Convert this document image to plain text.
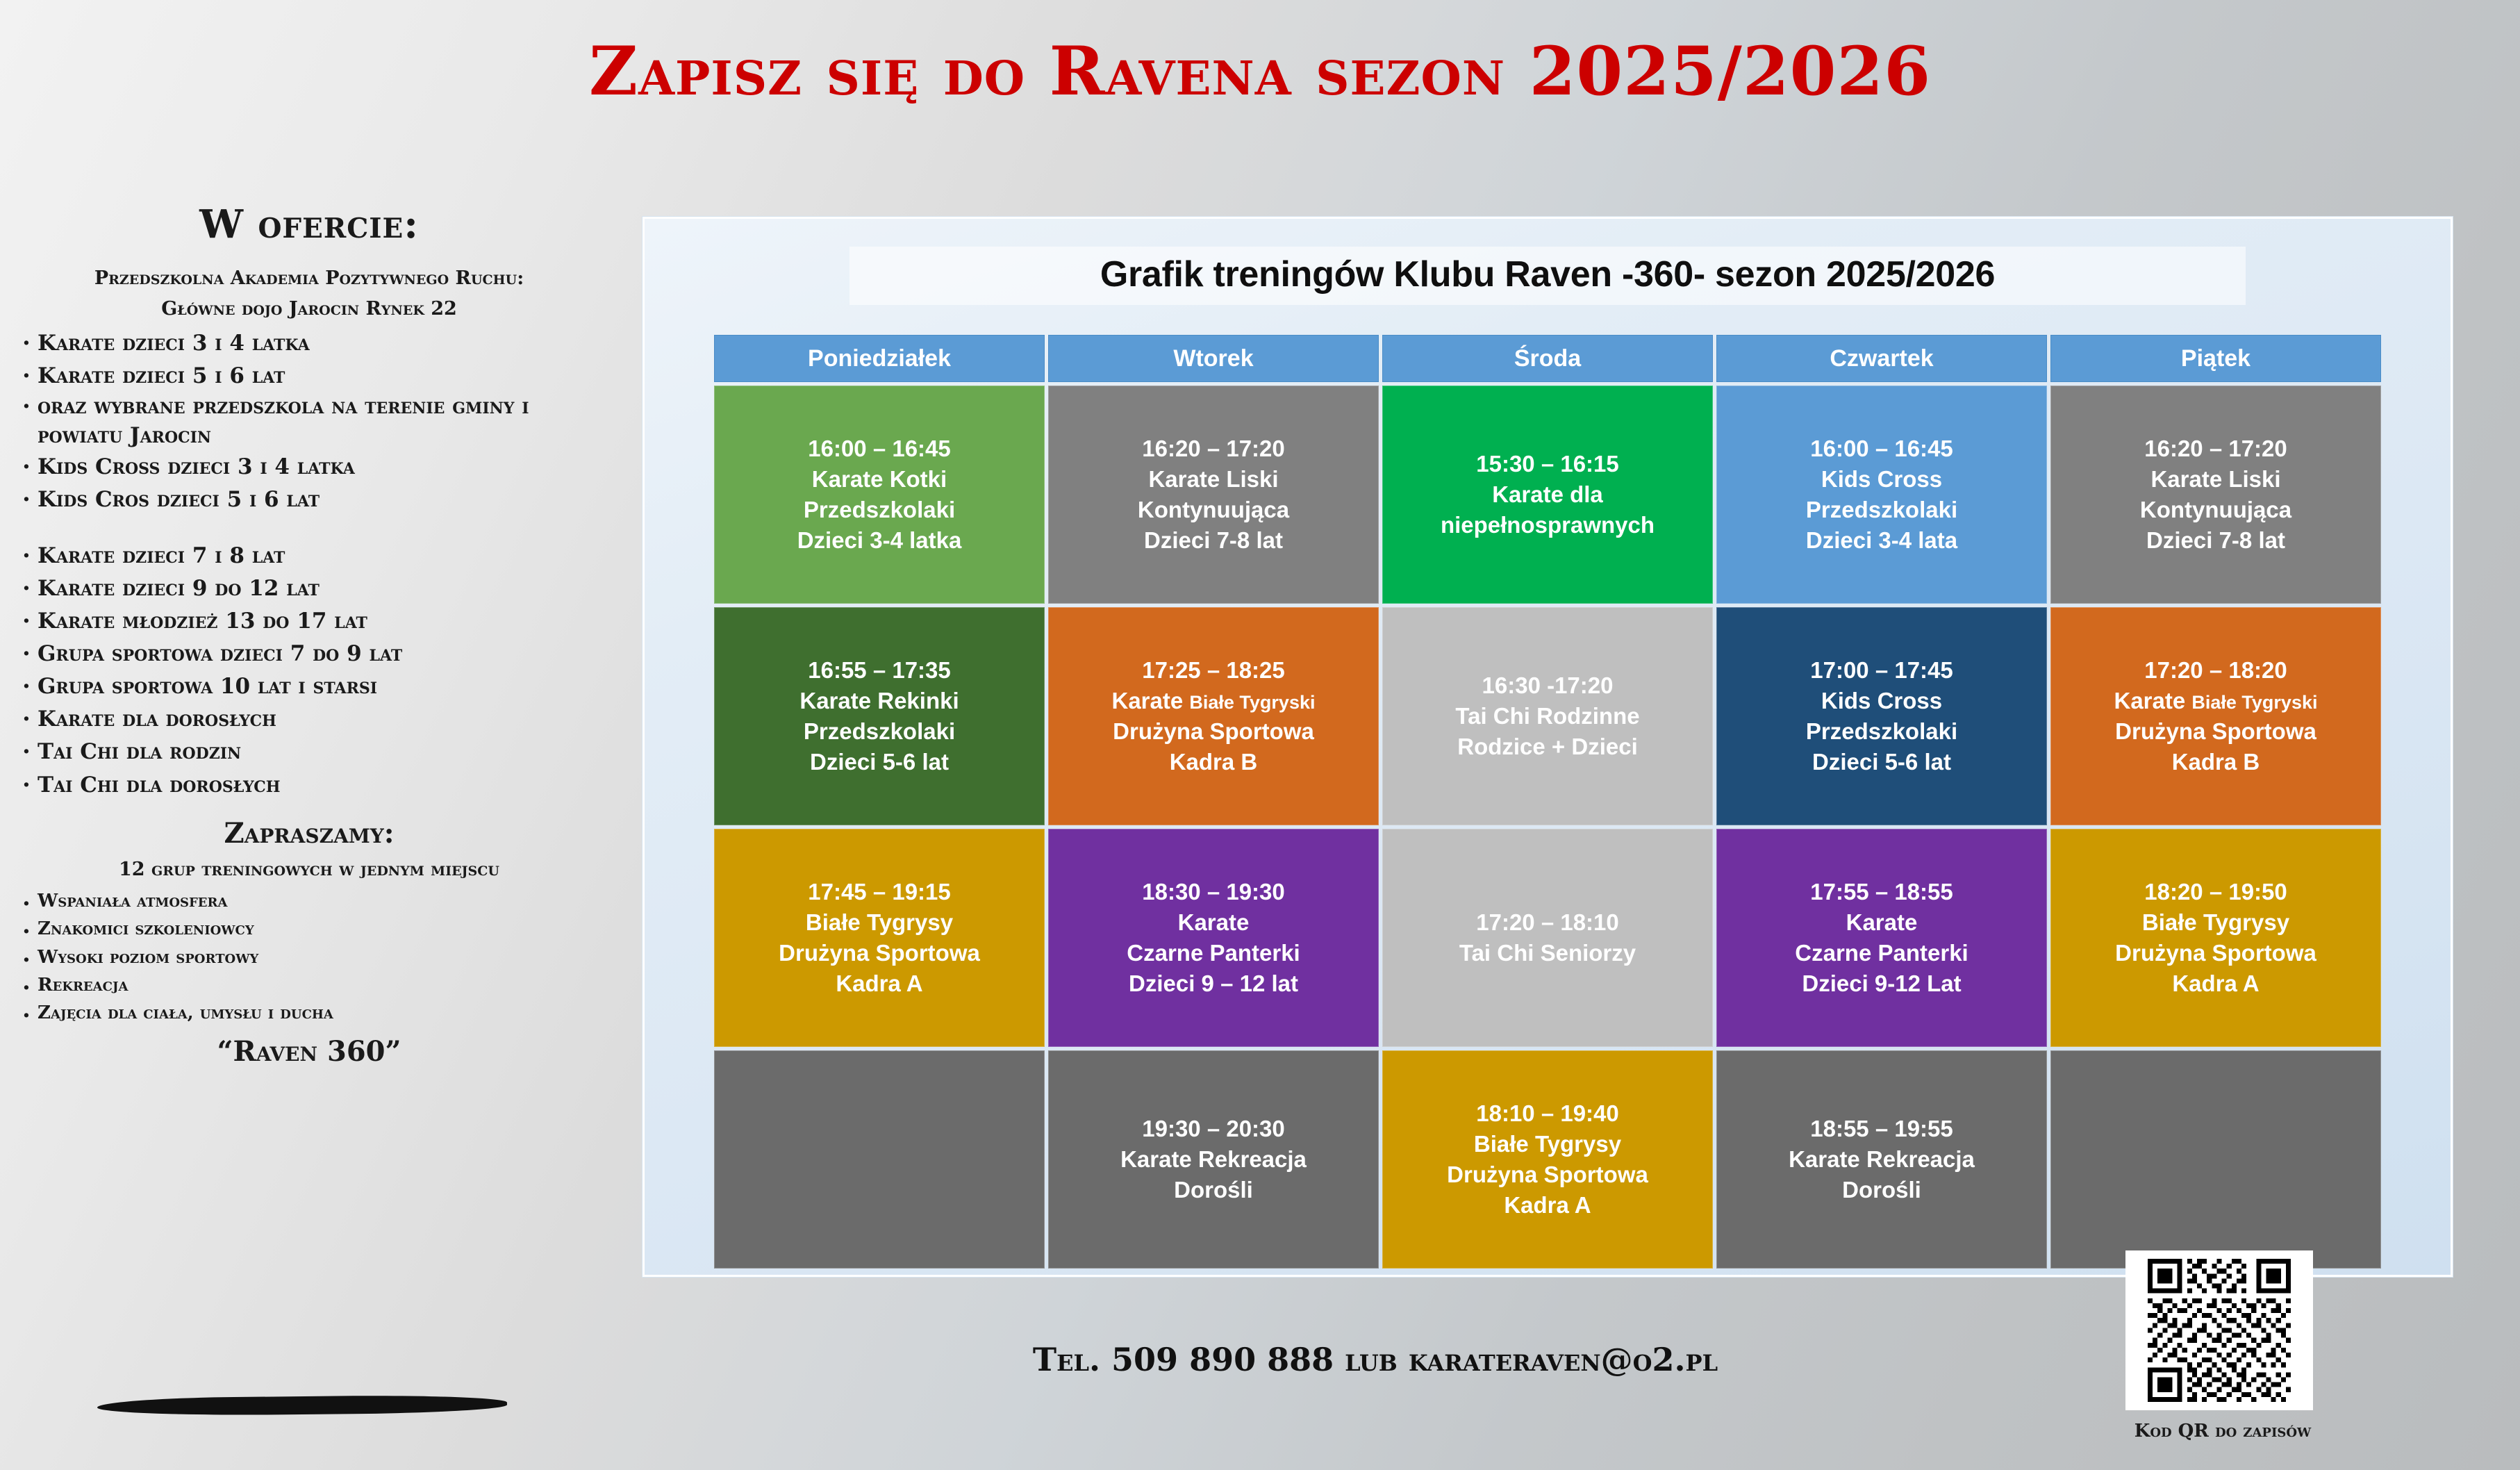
Zapisz się do Ravena sezon 2025/2026
W ofercie:
Przedszkolna Akademia Pozytywnego Ruchu:
Główne dojo Jarocin Rynek 22
· Karate dzieci 3 i 4 latka
· Karate dzieci 5 i 6 lat
· oraz wybrane przedszkola na terenie gminy i powiatu Jarocin
· Kids Cross dzieci 3 i 4 latka
· Kids Cros dzieci 5 i 6 lat
· Karate dzieci 7 i 8 lat
· Karate dzieci 9 do 12 lat
· Karate młodzież 13 do 17 lat
· Grupa sportowa dzieci 7 do 9 lat
· Grupa sportowa 10 lat i starsi
· Karate dla dorosłych
· Tai Chi dla rodzin
· Tai Chi dla dorosłych
Zapraszamy:
12 grup treningowych w jednym miejscu
· Wspaniała atmosfera
· Znakomici szkoleniowcy
· Wysoki poziom sportowy
· Rekreacja
· Zajęcia dla ciała, umysłu i ducha
“Raven 360”
Grafik treningów Klubu Raven -360- sezon 2025/2026
Poniedziałek	Wtorek	Środa	Czwartek	Piątek

16:00 – 16:45
Karate Kotki
Przedszkolaki
Dzieci 3-4 latka	16:20 – 17:20
Karate Liski
Kontynuująca
Dzieci 7-8 lat	15:30 – 16:15
Karate dla
niepełnosprawnych	16:00 – 16:45
Kids Cross
Przedszkolaki
Dzieci 3-4 lata	16:20 – 17:20
Karate Liski
Kontynuująca
Dzieci 7-8 lat

16:55 – 17:35
Karate Rekinki
Przedszkolaki
Dzieci 5-6 lat	17:25 – 18:25
Karate Białe Tygryski
Drużyna Sportowa
Kadra B	16:30 -17:20
Tai Chi Rodzinne
Rodzice + Dzieci	17:00 – 17:45
Kids Cross
Przedszkolaki
Dzieci 5-6 lat	17:20 – 18:20
Karate Białe Tygryski
Drużyna Sportowa
Kadra B

17:45 – 19:15
Białe Tygrysy
Drużyna Sportowa
Kadra A	18:30 – 19:30
Karate
Czarne Panterki
Dzieci 9 – 12 lat	17:20 – 18:10
Tai Chi Seniorzy	17:55 – 18:55
Karate
Czarne Panterki
Dzieci 9-12 Lat	18:20 – 19:50
Białe Tygrysy
Drużyna Sportowa
Kadra A

	19:30 – 20:30
Karate Rekreacja
Dorośli	18:10 – 19:40
Białe Tygrysy
Drużyna Sportowa
Kadra A	18:55 – 19:55
Karate Rekreacja
Dorośli	

Tel. 509 890 888 lub karateraven@o2.pl
Kod QR do zapisów
